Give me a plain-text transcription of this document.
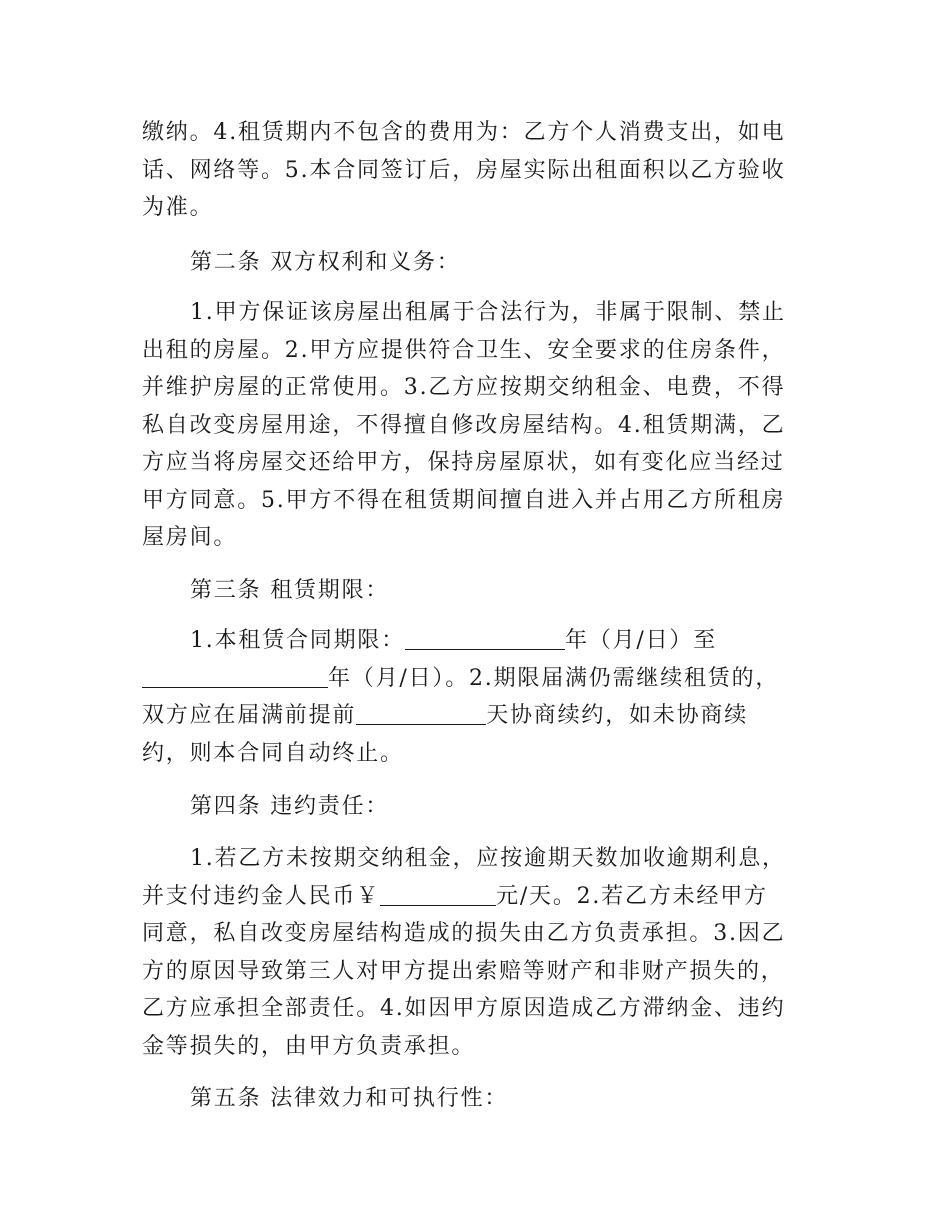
缴纳。4.租赁期内不包含的费用为：乙方个人消费支出，如电
话、网络等。5.本合同签订后，房屋实际出租面积以乙方验收
为准。
第二条 双方权利和义务：
1.甲方保证该房屋出租属于合法行为，非属于限制、禁止
出租的房屋。2.甲方应提供符合卫生、安全要求的住房条件，
并维护房屋的正常使用。3.乙方应按期交纳租金、电费，不得
私自改变房屋用途，不得擅自修改房屋结构。4.租赁期满，乙
方应当将房屋交还给甲方，保持房屋原状，如有变化应当经过
甲方同意。5.甲方不得在租赁期间擅自进入并占用乙方所租房
屋房间。
第三条 租赁期限：
1.本租赁合同期限：	年（月/日）至
年（月/日）。2.期限届满仍需继续租赁的，
双方应在届满前提前	天协商续约，如未协商续
约，则本合同自动终止。
第四条 违约责任：
1.若乙方未按期交纳租金，应按逾期天数加收逾期利息，
并支付违约金人民币￥	元/天。2.若乙方未经甲方
同意，私自改变房屋结构造成的损失由乙方负责承担。3.因乙
方的原因导致第三人对甲方提出索赔等财产和非财产损失的，
乙方应承担全部责任。4.如因甲方原因造成乙方滞纳金、违约
金等损失的，由甲方负责承担。
第五条 法律效力和可执行性：
